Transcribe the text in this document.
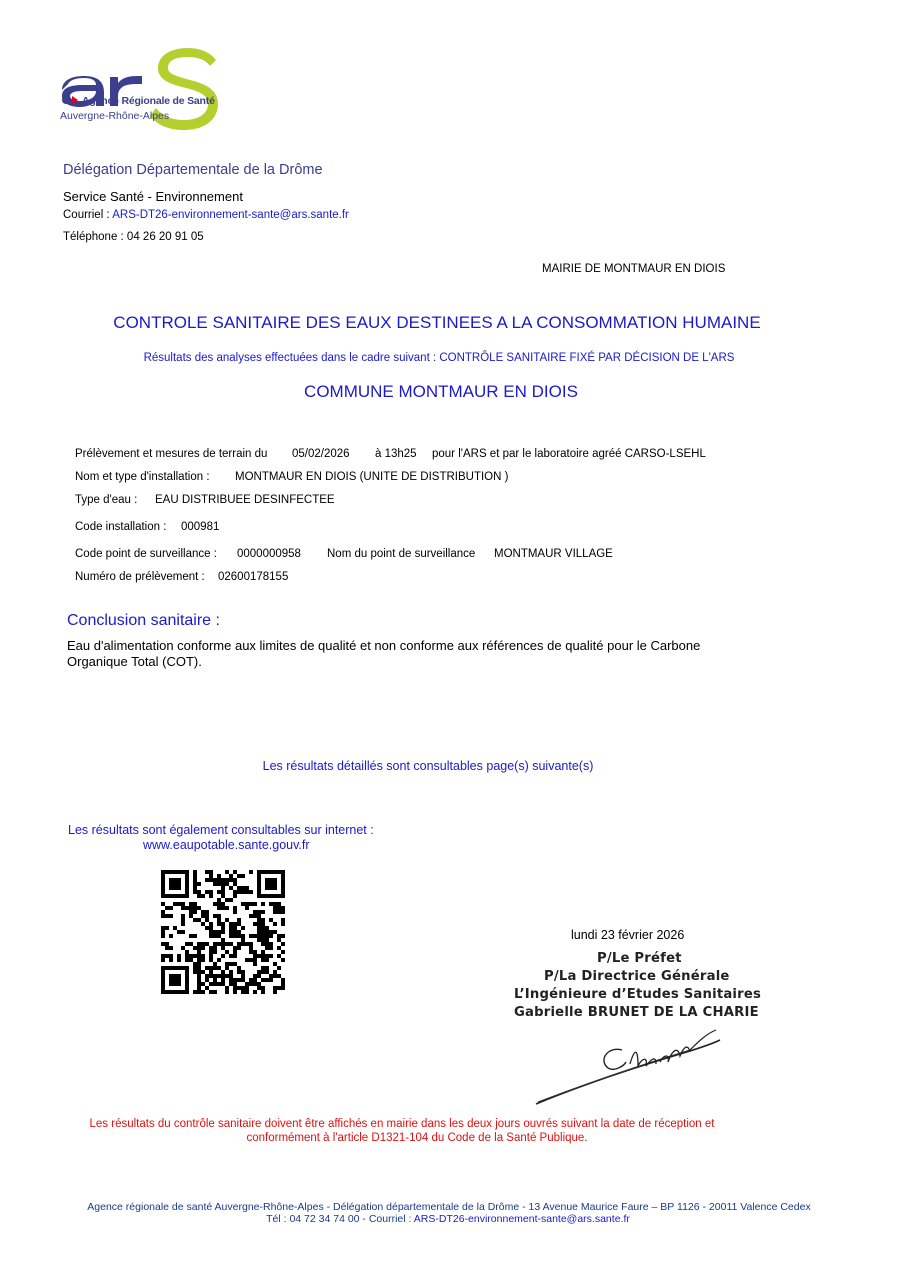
Agence Régionale de Santé
Auvergne-Rhône-Alpes
Délégation Départementale de la Drôme
Service Santé - Environnement
Courriel : ARS-DT26-environnement-sante@ars.sante.fr
Téléphone : 04 26 20 91 05
MAIRIE DE MONTMAUR EN DIOIS
CONTROLE SANITAIRE DES EAUX DESTINEES A LA CONSOMMATION HUMAINE
Résultats des analyses effectuées dans le cadre suivant : CONTRÔLE SANITAIRE FIXÉ PAR DÉCISION DE L'ARS
COMMUNE MONTMAUR EN DIOIS
Prélèvement et mesures de terrain du 05/02/2026 à 13h25 pour l'ARS et par le laboratoire agréé CARSO-LSEHL
Nom et type d'installation : MONTMAUR EN DIOIS (UNITE DE DISTRIBUTION )
Type d'eau : EAU DISTRIBUEE DESINFECTEE
Code installation : 000981
Code point de surveillance : 0000000958 Nom du point de surveillance MONTMAUR VILLAGE
Numéro de prélèvement : 02600178155
Conclusion sanitaire :
Eau d'alimentation conforme aux limites de qualité et non conforme aux références de qualité pour le Carbone
Organique Total (COT).
Les résultats détaillés sont consultables page(s) suivante(s)
Les résultats sont également consultables sur internet :
www.eaupotable.sante.gouv.fr
lundi 23 février 2026
P/Le Préfet
P/La Directrice Générale
L’Ingénieure d’Etudes Sanitaires
Gabrielle BRUNET DE LA CHARIE
Les résultats du contrôle sanitaire doivent être affichés en mairie dans les deux jours ouvrés suivant la date de réception et
conformément à l'article D1321-104 du Code de la Santé Publique.
Agence régionale de santé Auvergne-Rhône-Alpes - Délégation départementale de la Drôme - 13 Avenue Maurice Faure – BP 1126 - 20011 Valence Cedex
Tél : 04 72 34 74 00 - Courriel : ARS-DT26-environnement-sante@ars.sante.fr
